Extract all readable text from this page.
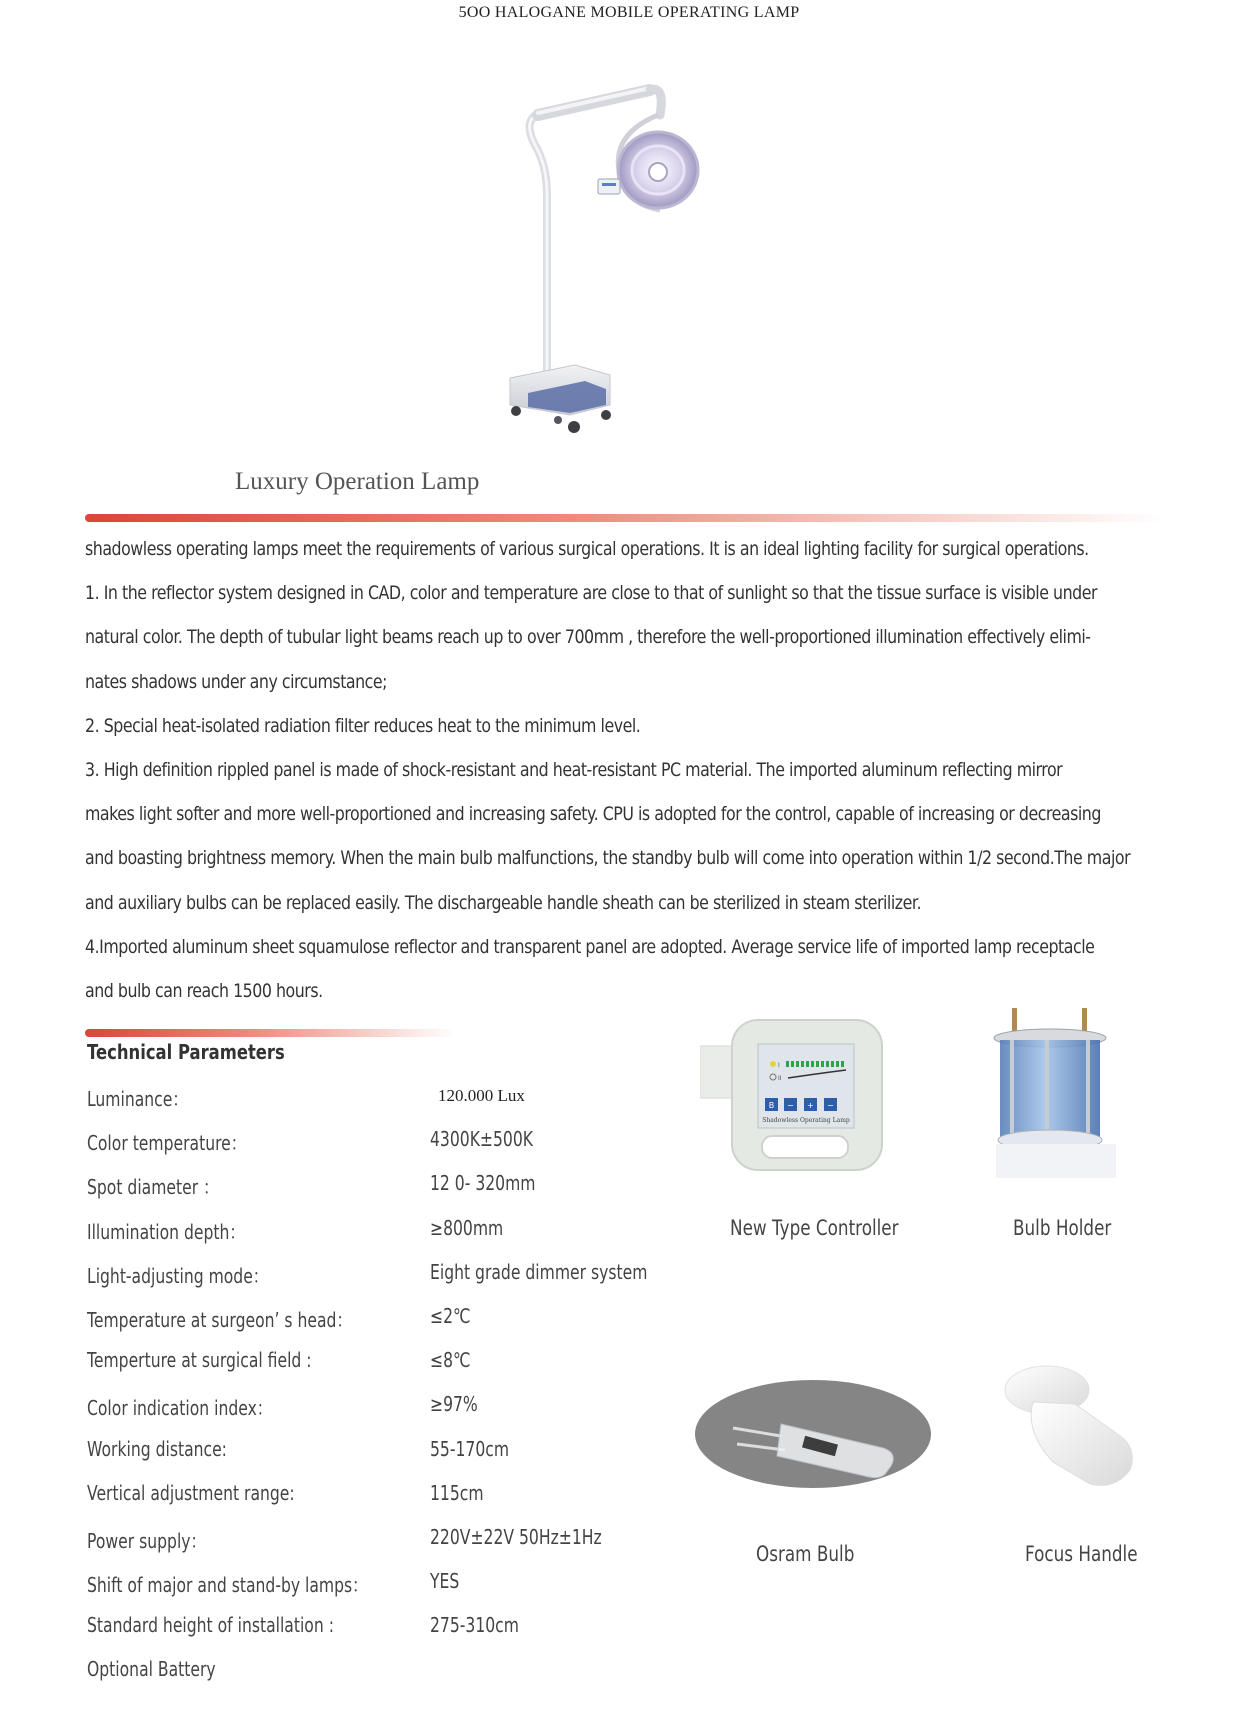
5OO HALOGANE MOBILE OPERATING LAMP
Luxury Operation Lamp

shadowless operating lamps meet the requirements of various surgical operations. It is an ideal lighting facility for surgical operations.

1. In the reflector system designed in CAD, color and temperature are close to that of sunlight so that the tissue surface is visible under

natural color. The depth of tubular light beams reach up to over 700mm , therefore the well-proportioned illumination effectively elimi-

nates shadows under any circumstance;

2. Special heat-isolated radiation filter reduces heat to the minimum level.

3. High definition rippled panel is made of shock-resistant and heat-resistant PC material. The imported aluminum reflecting mirror

makes light softer and more well-proportioned and increasing safety. CPU is adopted for the control, capable of increasing or decreasing

and boasting brightness memory. When the main bulb malfunctions, the standby bulb will come into operation within 1/2 second.The major

and auxiliary bulbs can be replaced easily. The dischargeable handle sheath can be sterilized in steam sterilizer.

4.Imported aluminum sheet squamulose reflector and transparent panel are adopted. Average service life of imported lamp receptacle

and bulb can reach 1500 hours.

Technical Parameters
Luminance：	120.000 Lux
Color temperature：	4300K±500K
Spot diameter ：	12 0- 320mm
Illumination depth：	≥800mm
Light-adjusting mode：	Eight grade dimmer system
Temperature at surgeon’ s head：	≤2℃
Temperture at surgical field :	≤8℃
Color indication index：	≥97%
Working distance:	55-170cm
Vertical adjustment range:	115cm
Power supply：	220V±22V 50Hz±1Hz
Shift of major and stand-by lamps：	YES
Standard height of installation :	275-310cm
Optional Battery
I
II
B − + −
Shadowless Operating Lamp
New Type Controller	Bulb Holder
Osram Bulb	Focus Handle
